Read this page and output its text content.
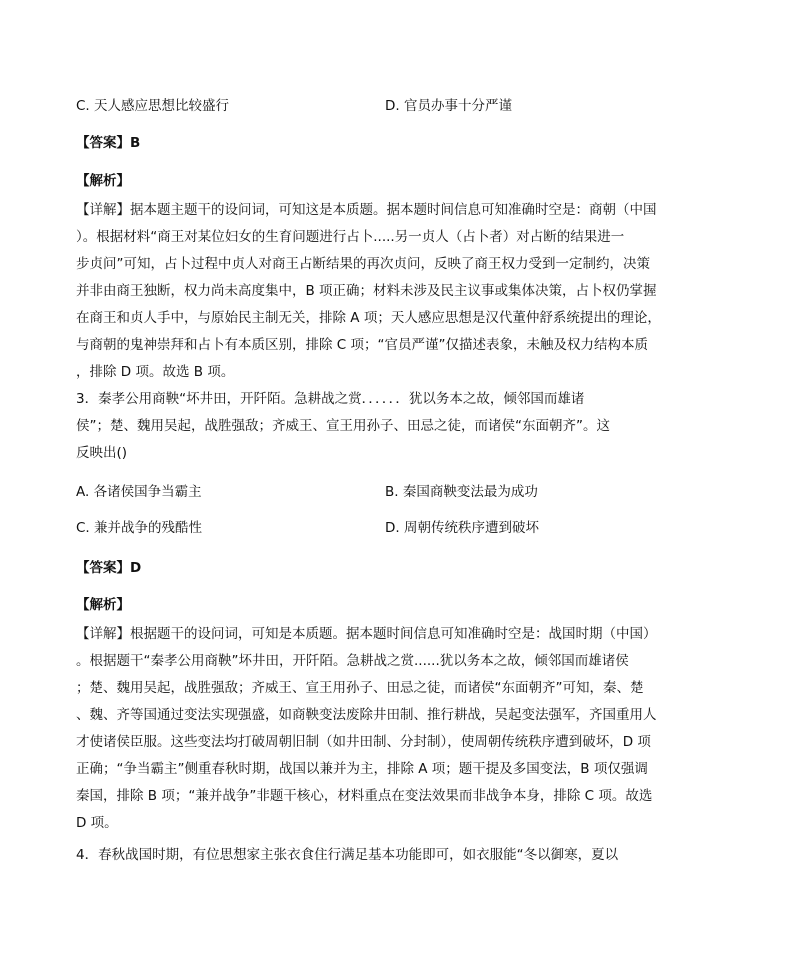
C. 天人感应思想比较盛行	D. 官员办事十分严谨
【答案】B
【解析】
【详解】据本题主题干的设问词，可知这是本质题。据本题时间信息可知准确时空是：商朝（中国
）。根据材料“商王对某位妇女的生育问题进行占卜.....另一贞人（占卜者）对占断的结果进一
步贞问”可知，占卜过程中贞人对商王占断结果的再次贞问，反映了商王权力受到一定制约，决策
并非由商王独断，权力尚未高度集中，B 项正确；材料未涉及民主议事或集体决策，占卜权仍掌握
在商王和贞人手中，与原始民主制无关，排除 A 项；天人感应思想是汉代董仲舒系统提出的理论，
与商朝的鬼神崇拜和占卜有本质区别，排除 C 项；“官员严谨”仅描述表象，未触及权力结构本质
，排除 D 项。故选 B 项。
3．秦孝公用商鞅“坏井田，开阡陌。急耕战之赏．．．．．．犹以务本之故，倾邻国而雄诸
侯”；楚、魏用吴起，战胜强敌；齐威王、宣王用孙子、田忌之徒，而诸侯“东面朝齐”。这
反映出()
A. 各诸侯国争当霸主	B. 秦国商鞅变法最为成功
C. 兼并战争的残酷性	D. 周朝传统秩序遭到破坏
【答案】D
【解析】
【详解】根据题干的设问词，可知是本质题。据本题时间信息可知准确时空是：战国时期（中国）
。根据题干“秦孝公用商鞅”坏井田，开阡陌。急耕战之赏......犹以务本之故，倾邻国而雄诸侯
；楚、魏用吴起，战胜强敌；齐威王、宣王用孙子、田忌之徒，而诸侯“东面朝齐”可知，秦、楚
、魏、齐等国通过变法实现强盛，如商鞅变法废除井田制、推行耕战，吴起变法强军，齐国重用人
才使诸侯臣服。这些变法均打破周朝旧制（如井田制、分封制），使周朝传统秩序遭到破坏，D 项
正确；“争当霸主”侧重春秋时期，战国以兼并为主，排除 A 项；题干提及多国变法，B 项仅强调
秦国，排除 B 项；“兼并战争”非题干核心，材料重点在变法效果而非战争本身，排除 C 项。故选
D 项。
4．春秋战国时期，有位思想家主张衣食住行满足基本功能即可，如衣服能“冬以御寒，夏以
